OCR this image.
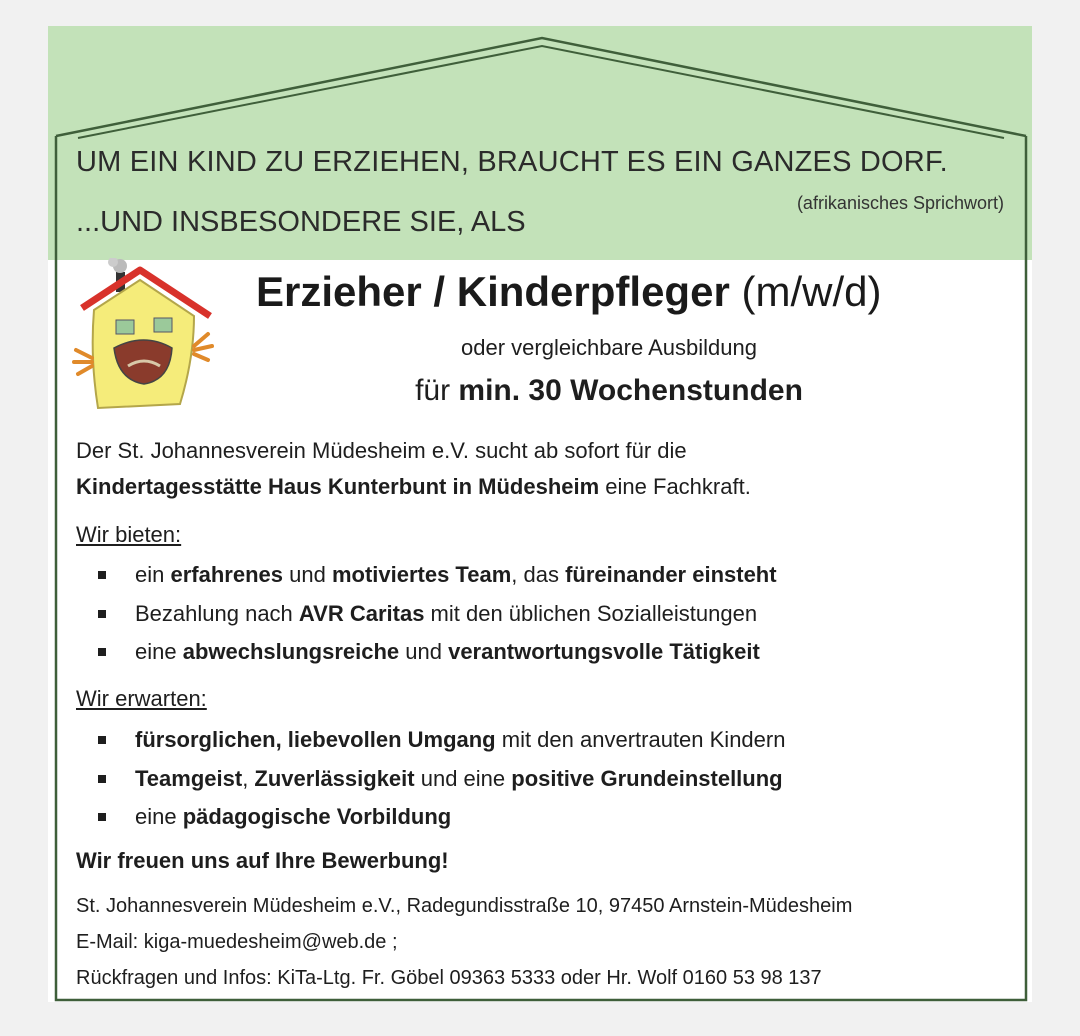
UM EIN KIND ZU ERZIEHEN, BRAUCHT ES EIN GANZES DORF.
(afrikanisches Sprichwort)
...UND INSBESONDERE SIE, ALS
Erzieher / Kinderpfleger (m/w/d)
oder vergleichbare Ausbildung
für min. 30 Wochenstunden
Der St. Johannesverein Müdesheim e.V. sucht ab sofort für die
Kindertagesstätte Haus Kunterbunt in Müdesheim eine Fachkraft.
Wir bieten:
ein erfahrenes und motiviertes Team, das füreinander einsteht
Bezahlung nach AVR Caritas mit den üblichen Sozialleistungen
eine abwechslungsreiche und verantwortungsvolle Tätigkeit
Wir erwarten:
fürsorglichen, liebevollen Umgang mit den anvertrauten Kindern
Teamgeist, Zuverlässigkeit und eine positive Grundeinstellung
eine pädagogische Vorbildung
Wir freuen uns auf Ihre Bewerbung!
St. Johannesverein Müdesheim e.V., Radegundisstraße 10, 97450 Arnstein-Müdesheim
E-Mail: kiga-muedesheim@web.de ;
Rückfragen und Infos: KiTa-Ltg. Fr. Göbel 09363 5333 oder Hr. Wolf 0160 53 98 137
